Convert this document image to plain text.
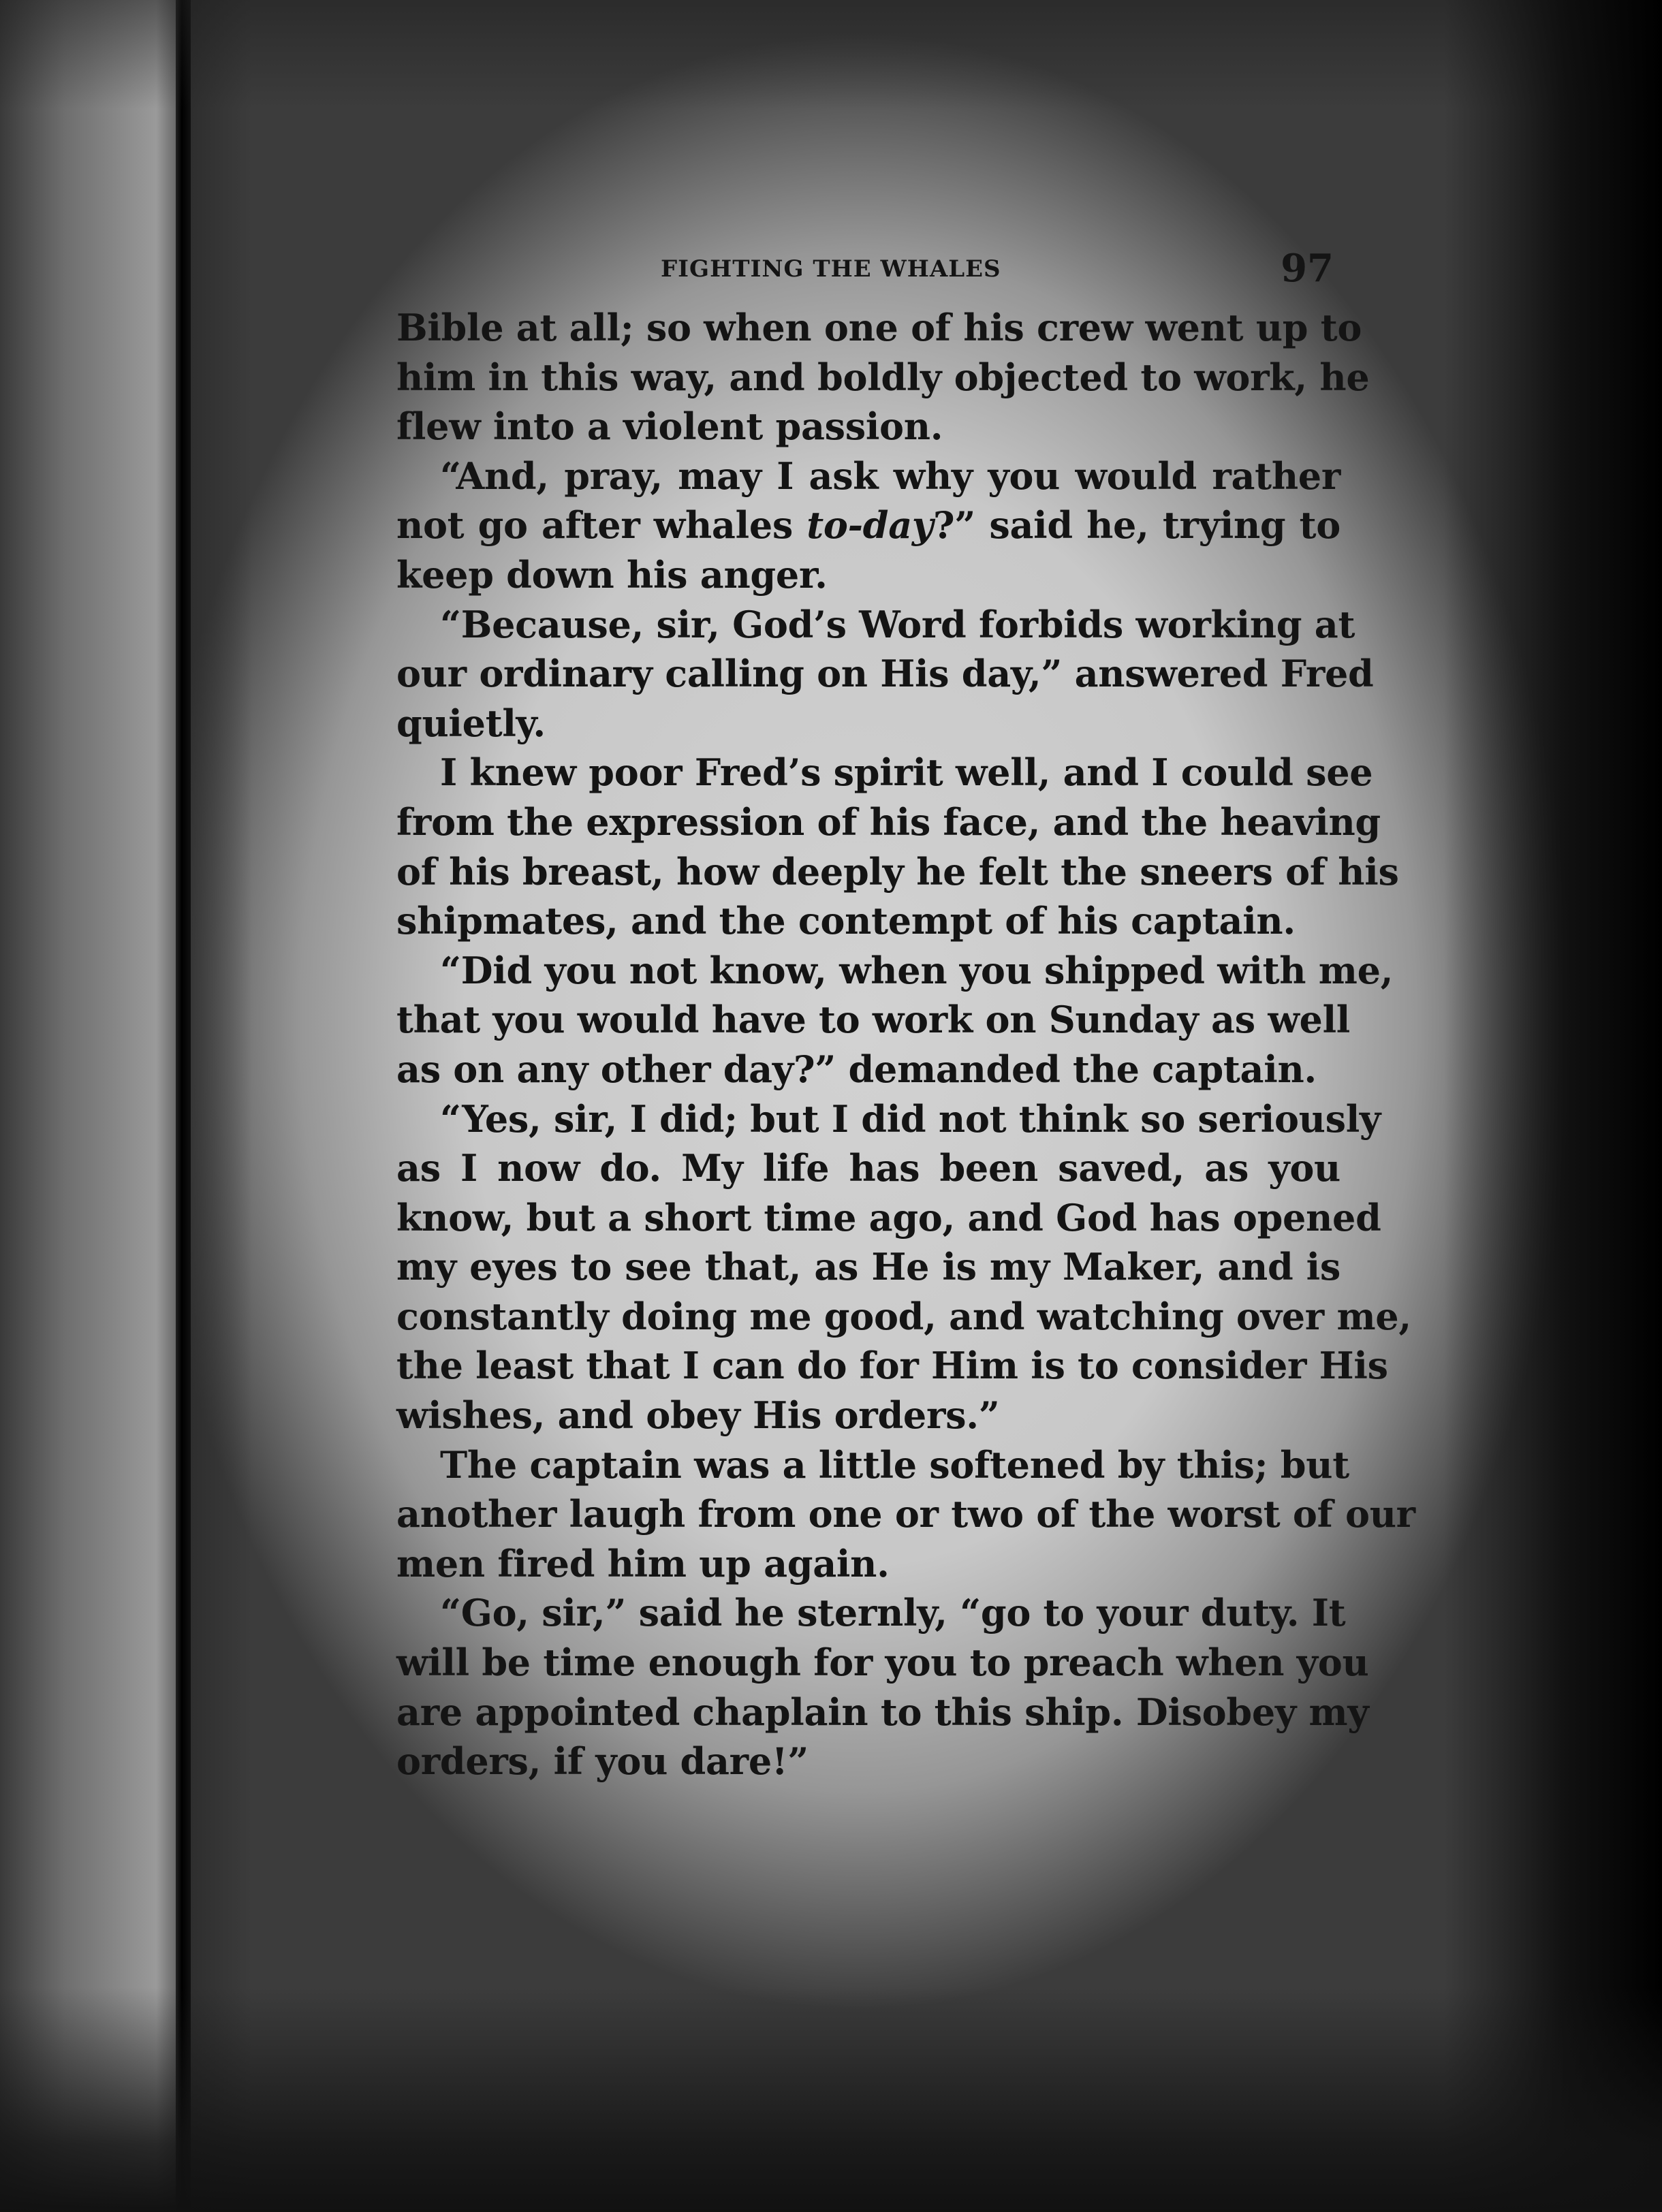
FIGHTING THE WHALES	97

Bible at all; so when one of his crew went up to
him in this way, and boldly objected to work, he
flew into a violent passion.

“And, pray, may I ask why you would rather
not go after whales to-day?” said he, trying to
keep down his anger.

“Because, sir, God’s Word forbids working at
our ordinary calling on His day,” answered Fred
quietly.

I knew poor Fred’s spirit well, and I could see
from the expression of his face, and the heaving
of his breast, how deeply he felt the sneers of his
shipmates, and the contempt of his captain.

“Did you not know, when you shipped with me,
that you would have to work on Sunday as well
as on any other day?” demanded the captain.

“Yes, sir, I did; but I did not think so seriously
as I now do. My life has been saved, as you
know, but a short time ago, and God has opened
my eyes to see that, as He is my Maker, and is
constantly doing me good, and watching over me,
the least that I can do for Him is to consider His
wishes, and obey His orders.”

The captain was a little softened by this; but
another laugh from one or two of the worst of our
men fired him up again.

“Go, sir,” said he sternly, “go to your duty. It
will be time enough for you to preach when you
are appointed chaplain to this ship. Disobey my
orders, if you dare!”
